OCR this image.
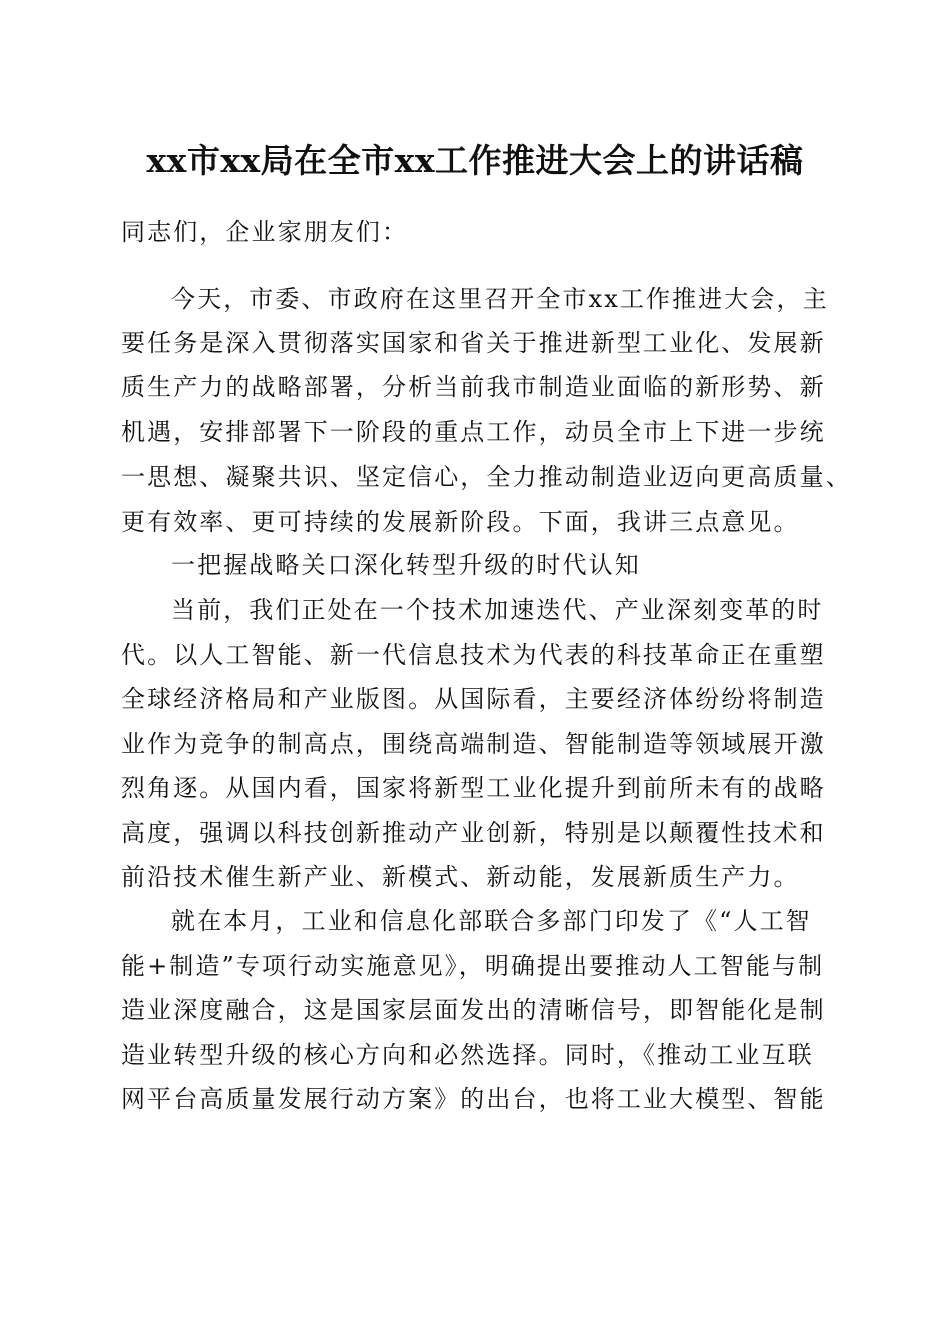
xx市xx局在全市xx工作推进大会上的讲话稿
同志们，企业家朋友们：
今天，市委、市政府在这里召开全市xx工作推进大会，主
要任务是深入贯彻落实国家和省关于推进新型工业化、发展新
质生产力的战略部署，分析当前我市制造业面临的新形势、新
机遇，安排部署下一阶段的重点工作，动员全市上下进一步统
一思想、凝聚共识、坚定信心，全力推动制造业迈向更高质量、
更有效率、更可持续的发展新阶段。下面，我讲三点意见。
一把握战略关口深化转型升级的时代认知
当前，我们正处在一个技术加速迭代、产业深刻变革的时
代。以人工智能、新一代信息技术为代表的科技革命正在重塑
全球经济格局和产业版图。从国际看，主要经济体纷纷将制造
业作为竞争的制高点，围绕高端制造、智能制造等领域展开激
烈角逐。从国内看，国家将新型工业化提升到前所未有的战略
高度，强调以科技创新推动产业创新，特别是以颠覆性技术和
前沿技术催生新产业、新模式、新动能，发展新质生产力。
就在本月，工业和信息化部联合多部门印发了《“人工智
能+制造”专项行动实施意见》，明确提出要推动人工智能与制
造业深度融合，这是国家层面发出的清晰信号，即智能化是制
造业转型升级的核心方向和必然选择。同时，《推动工业互联
网平台高质量发展行动方案》的出台，也将工业大模型、智能
